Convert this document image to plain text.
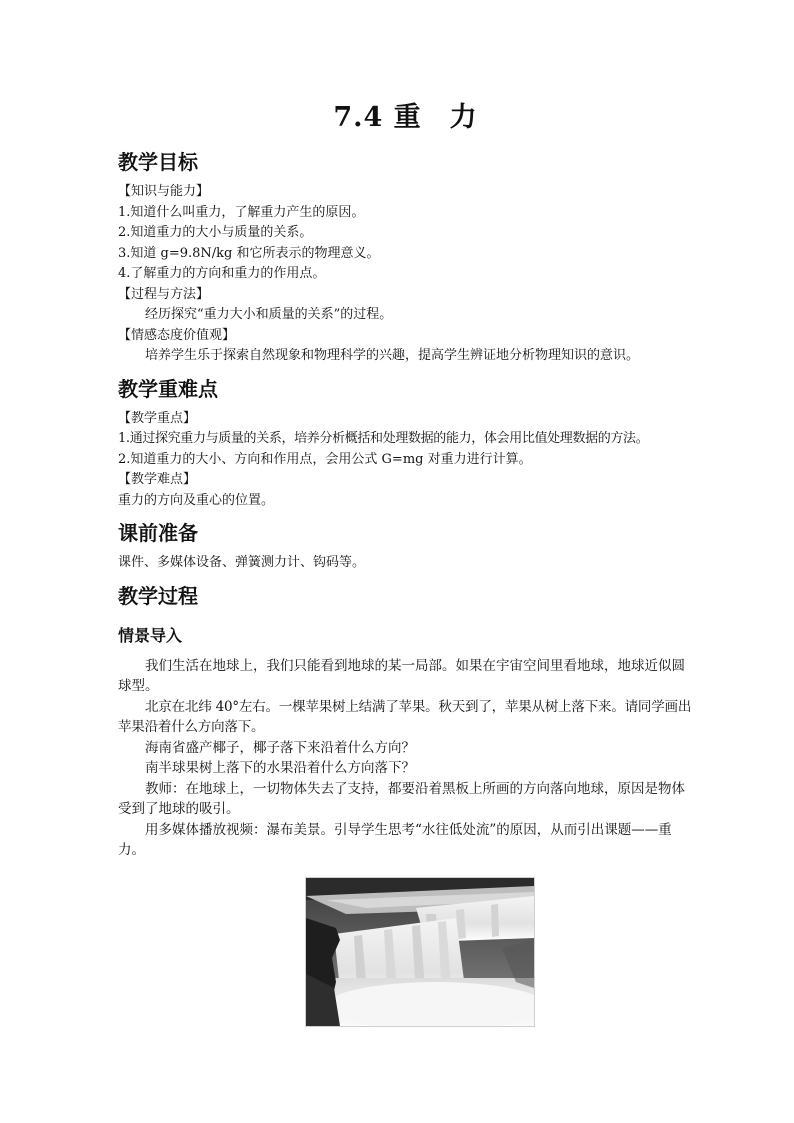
7.4 重　力
教学目标
【知识与能力】
1.知道什么叫重力，了解重力产生的原因。
2.知道重力的大小与质量的关系。
3.知道 g=9.8N/kg 和它所表示的物理意义。
4.了解重力的方向和重力的作用点。
【过程与方法】
经历探究“重力大小和质量的关系”的过程。
【情感态度价值观】
培养学生乐于探索自然现象和物理科学的兴趣，提高学生辨证地分析物理知识的意识。
教学重难点
【教学重点】
1.通过探究重力与质量的关系，培养分析概括和处理数据的能力，体会用比值处理数据的方法。
2.知道重力的大小、方向和作用点，会用公式 G=mg 对重力进行计算。
【教学难点】
重力的方向及重心的位置。
课前准备
课件、多媒体设备、弹簧测力计、钩码等。
教学过程
情景导入
我们生活在地球上，我们只能看到地球的某一局部。如果在宇宙空间里看地球，地球近似圆球型。
北京在北纬 40°左右。一棵苹果树上结满了苹果。秋天到了，苹果从树上落下来。请同学画出苹果沿着什么方向落下。
海南省盛产椰子，椰子落下来沿着什么方向？
南半球果树上落下的水果沿着什么方向落下？
教师：在地球上，一切物体失去了支持，都要沿着黑板上所画的方向落向地球，原因是物体受到了地球的吸引。
用多媒体播放视频：瀑布美景。引导学生思考“水往低处流”的原因，从而引出课题——重力。
